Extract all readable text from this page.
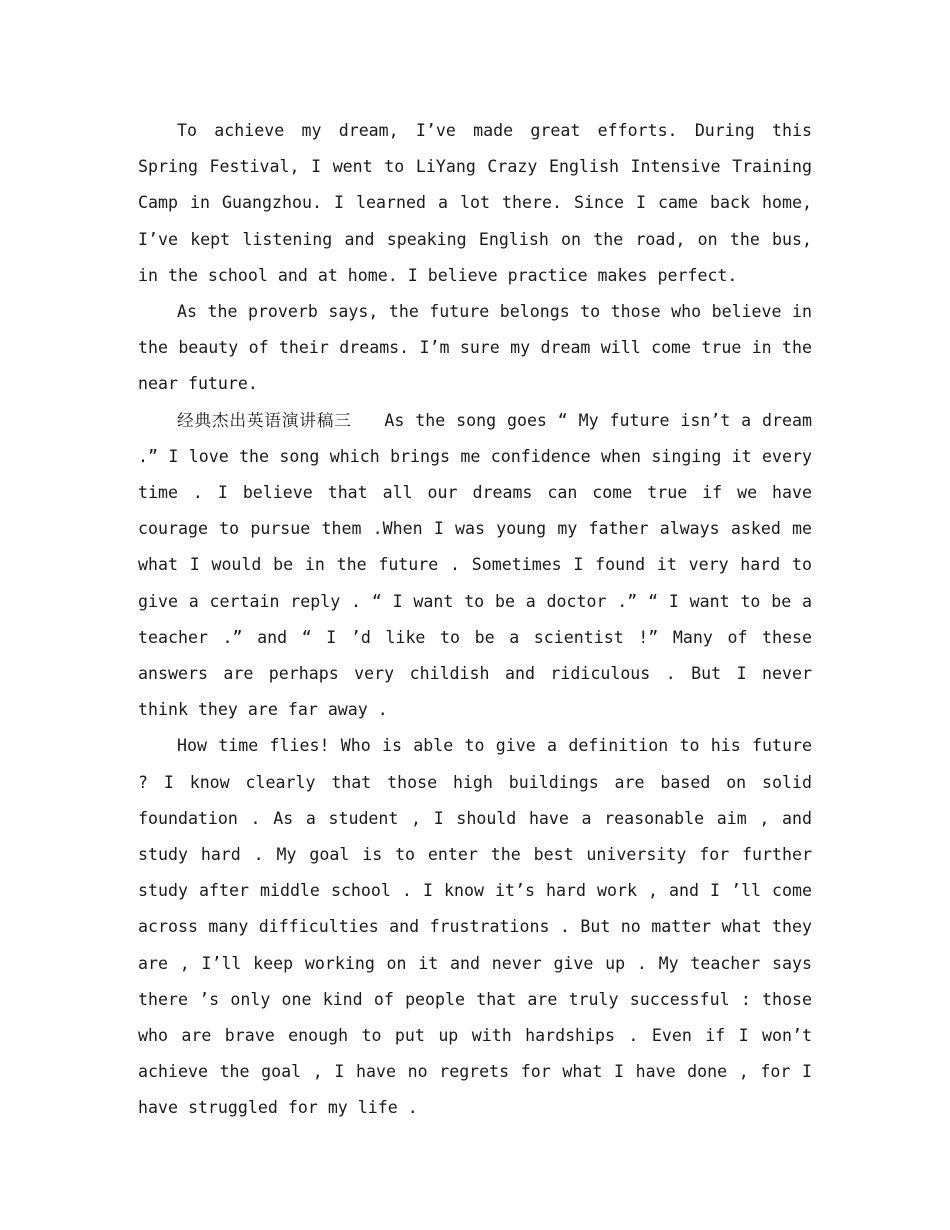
To achieve my dream, I’ve made great efforts. During this Spring Festival, I went to LiYang Crazy English Intensive Training Camp in Guangzhou. I learned a lot there. Since I came back home, I’ve kept listening and speaking English on the road, on the bus, in the school and at home. I believe practice makes perfect.

As the proverb says, the future belongs to those who believe in the beauty of their dreams. I’m sure my dream will come true in the near future.

经典杰出英语演讲稿三   As the song goes “ My future isn’t a dream .” I love the song which brings me confidence when singing it every time . I believe that all our dreams can come true if we have courage to pursue them .When I was young my father always asked me what I would be in the future . Sometimes I found it very hard to give a certain reply . “ I want to be a doctor .” “ I want to be a teacher .” and “ I ’d like to be a scientist !” Many of these answers are perhaps very childish and ridiculous . But I never think they are far away .

How time flies! Who is able to give a definition to his future ? I know clearly that those high buildings are based on solid foundation . As a student , I should have a reasonable aim , and study hard . My goal is to enter the best university for further study after middle school . I know it’s hard work , and I ’ll come across many difficulties and frustrations . But no matter what they are , I’ll keep working on it and never give up . My teacher says there ’s only one kind of people that are truly successful : those who are brave enough to put up with hardships . Even if I won’t achieve the goal , I have no regrets for what I have done , for I have struggled for my life .
